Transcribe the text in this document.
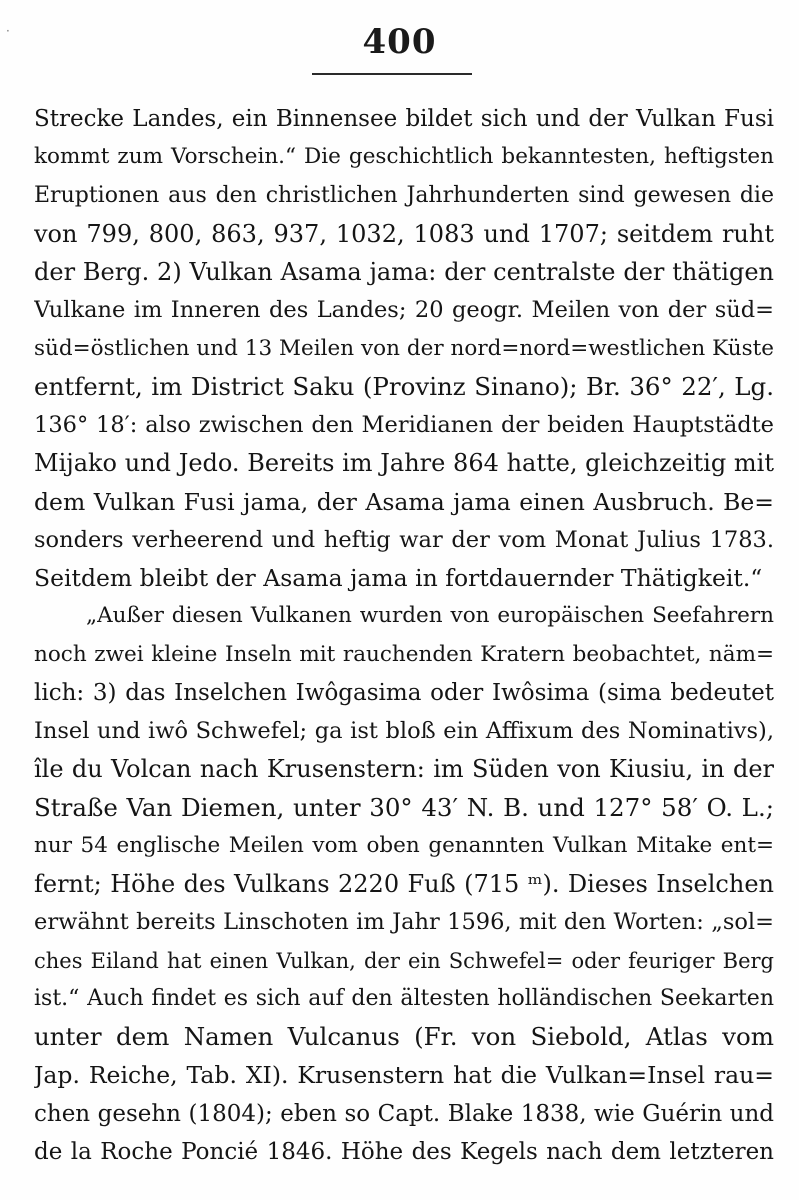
·	400
Strecke Landes, ein Binnensee bildet sich und der Vulkan Fusi
kommt zum Vorschein.“ Die geschichtlich bekanntesten, heftigsten
Eruptionen aus den christlichen Jahrhunderten sind gewesen die
von 799, 800, 863, 937, 1032, 1083 und 1707; seitdem ruht
der Berg. 2) Vulkan Asama jama: der centralste der thätigen
Vulkane im Inneren des Landes; 20 geogr. Meilen von der süd=
süd=östlichen und 13 Meilen von der nord=nord=westlichen Küste
entfernt, im District Saku (Provinz Sinano); Br. 36° 22′, Lg.
136° 18′: also zwischen den Meridianen der beiden Hauptstädte
Mijako und Jedo. Bereits im Jahre 864 hatte, gleichzeitig mit
dem Vulkan Fusi jama, der Asama jama einen Ausbruch. Be=
sonders verheerend und heftig war der vom Monat Julius 1783.
Seitdem bleibt der Asama jama in fortdauernder Thätigkeit.“
„Außer diesen Vulkanen wurden von europäischen Seefahrern
noch zwei kleine Inseln mit rauchenden Kratern beobachtet, näm=
lich: 3) das Inselchen Iwôgasima oder Iwôsima (sima bedeutet
Insel und iwô Schwefel; ga ist bloß ein Affixum des Nominativs),
île du Volcan nach Krusenstern: im Süden von Kiusiu, in der
Straße Van Diemen, unter 30° 43′ N. B. und 127° 58′ O. L.;
nur 54 englische Meilen vom oben genannten Vulkan Mitake ent=
fernt; Höhe des Vulkans 2220 Fuß (715 ᵐ). Dieses Inselchen
erwähnt bereits Linschoten im Jahr 1596, mit den Worten: „sol=
ches Eiland hat einen Vulkan, der ein Schwefel= oder feuriger Berg
ist.“ Auch findet es sich auf den ältesten holländischen Seekarten
unter dem Namen Vulcanus (Fr. von Siebold, Atlas vom
Jap. Reiche, Tab. XI). Krusenstern hat die Vulkan=Insel rau=
chen gesehn (1804); eben so Capt. Blake 1838, wie Guérin und
de la Roche Poncié 1846. Höhe des Kegels nach dem letzteren
